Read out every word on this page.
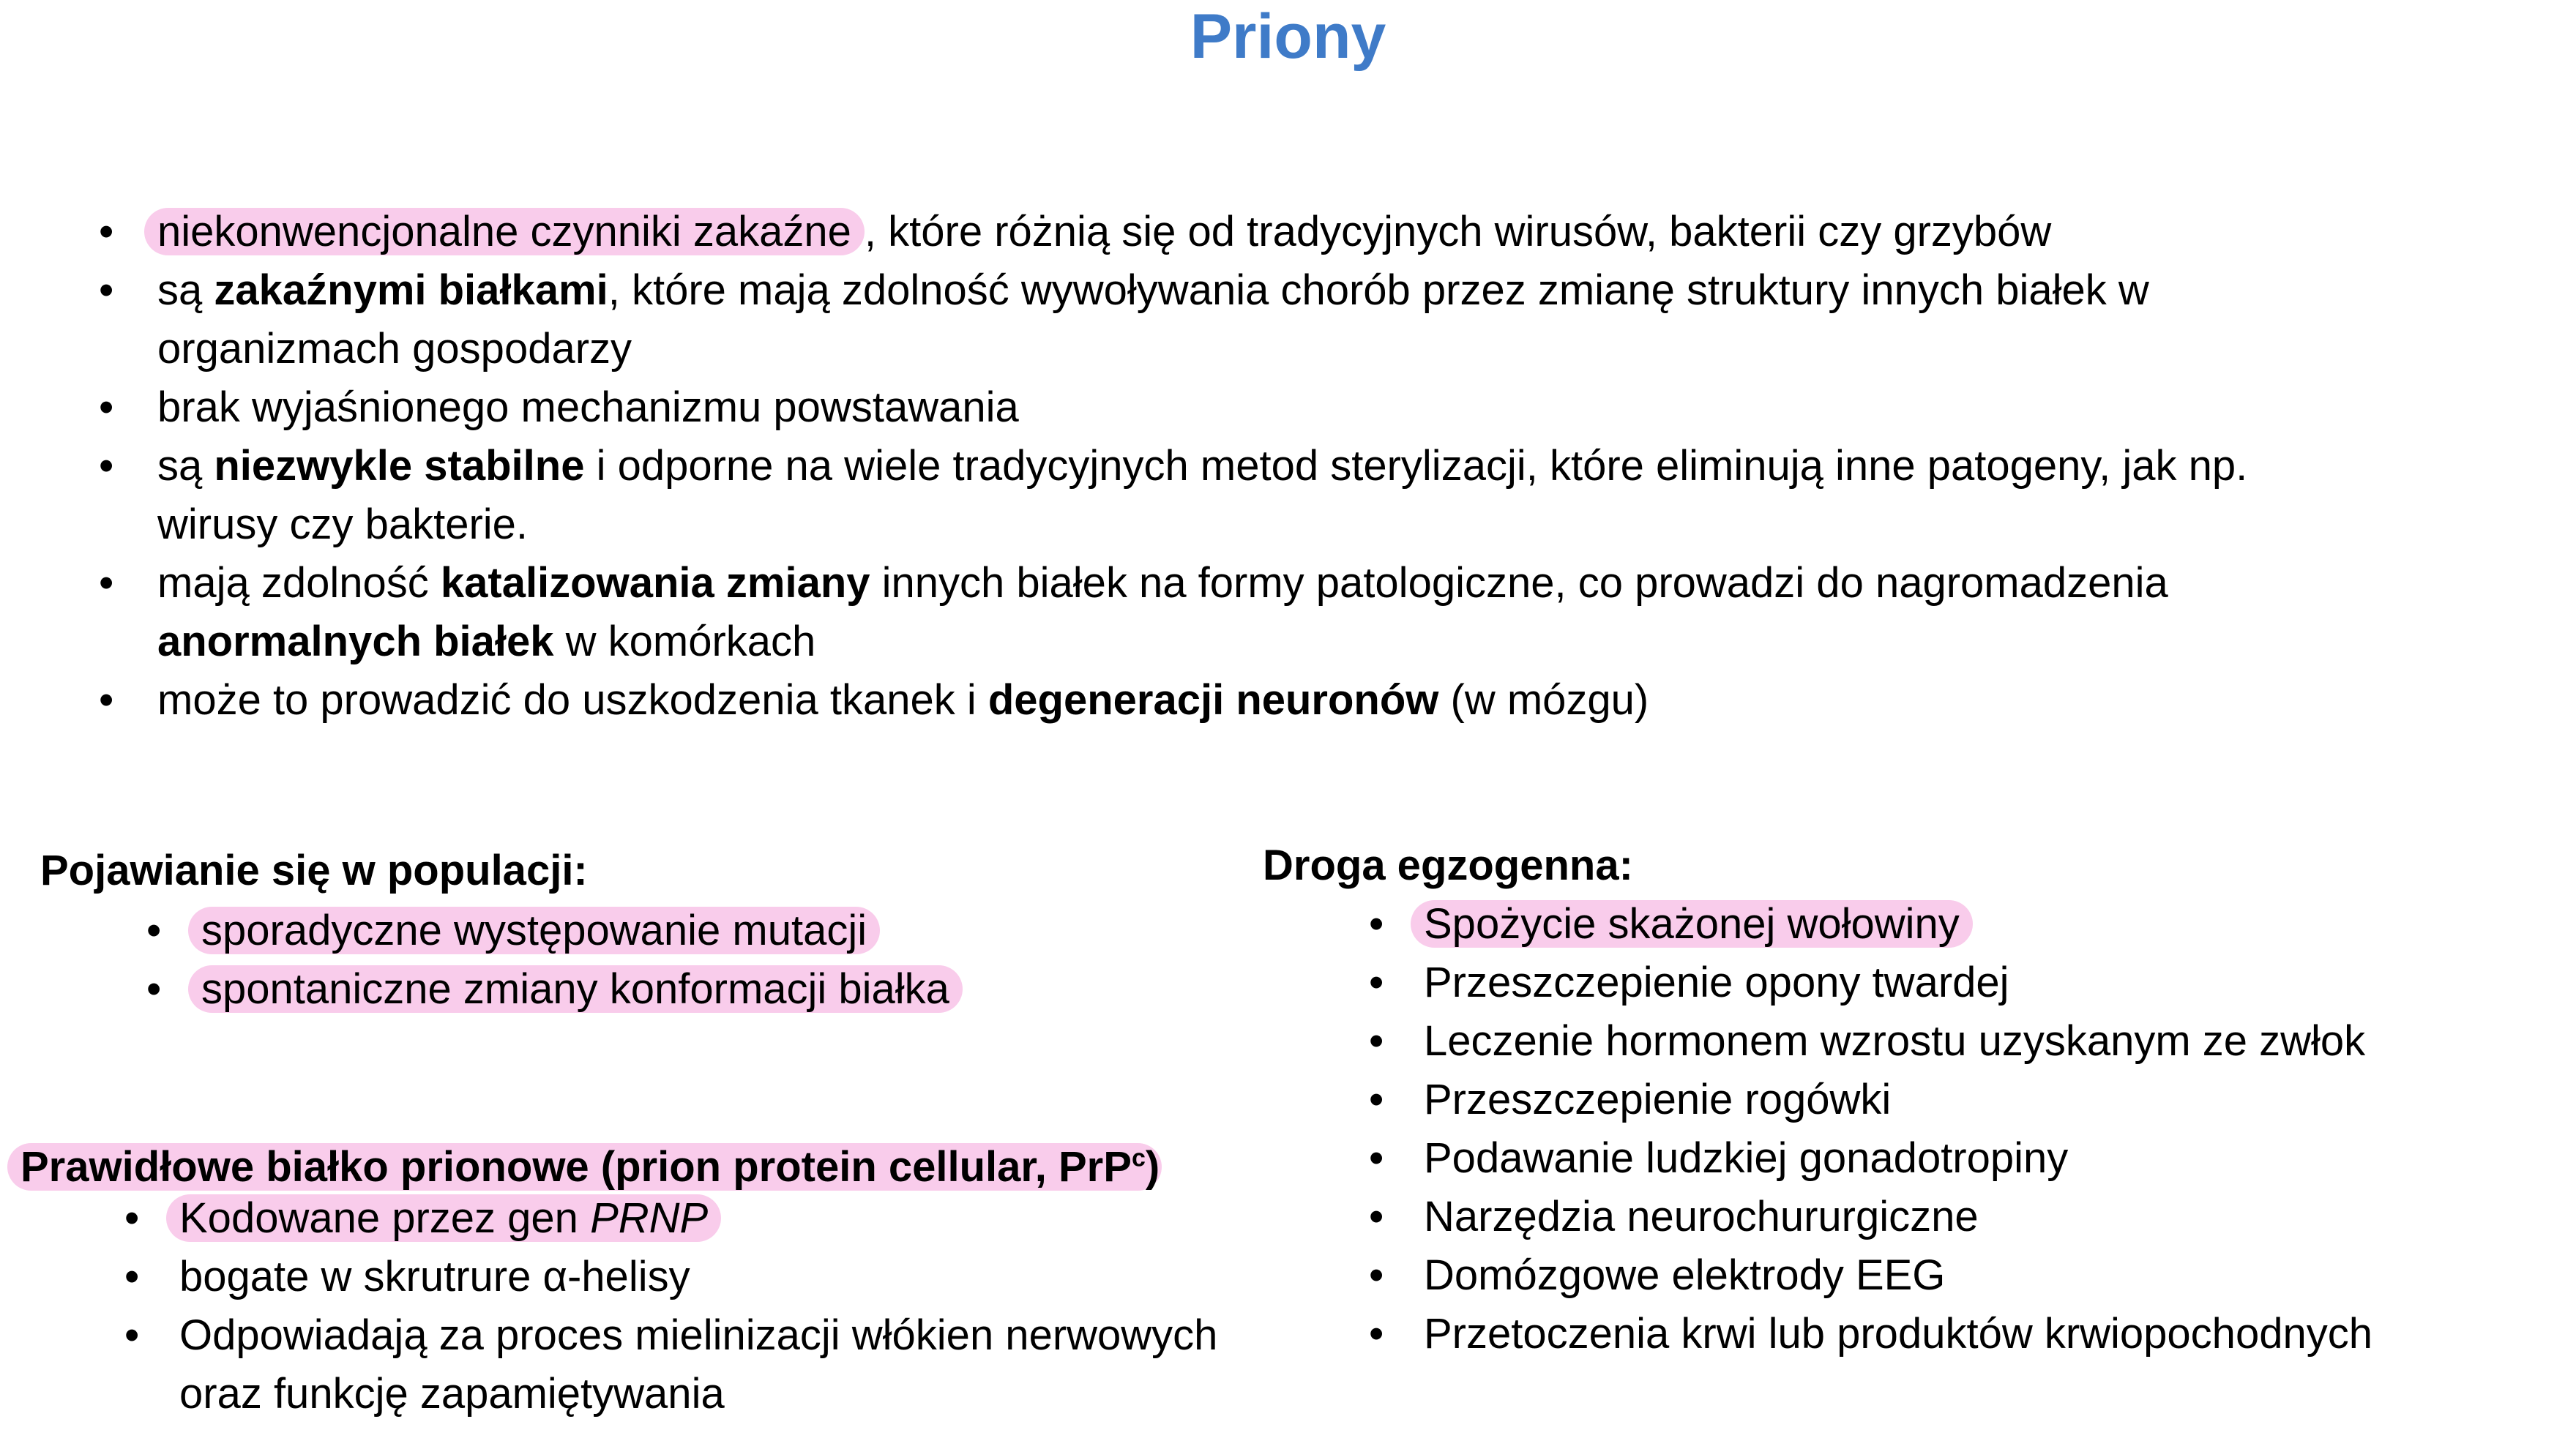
Priony
• niekonwencjonalne czynniki zakaźne , które różnią się od tradycyjnych wirusów, bakterii czy grzybów
• są zakaźnymi białkami, które mają zdolność wywoływania chorób przez zmianę struktury innych białek w
organizmach gospodarzy
• brak wyjaśnionego mechanizmu powstawania
• są niezwykle stabilne i odporne na wiele tradycyjnych metod sterylizacji, które eliminują inne patogeny, jak np.
wirusy czy bakterie.
• mają zdolność katalizowania zmiany innych białek na formy patologiczne, co prowadzi do nagromadzenia
anormalnych białek w komórkach
• może to prowadzić do uszkodzenia tkanek i degeneracji neuronów (w mózgu)
Pojawianie się w populacji:
• sporadyczne występowanie mutacji
• spontaniczne zmiany konformacji białka
Prawidłowe białko prionowe (prion protein cellular, PrP$^c$)
• Kodowane przez gen PRNP
• bogate w skrutrure α-helisy
• Odpowiadają za proces mielinizacji włókien nerwowych
oraz funkcję zapamiętywania
Droga egzogenna:
• Spożycie skażonej wołowiny
• Przeszczepienie opony twardej
• Leczenie hormonem wzrostu uzyskanym ze zwłok
• Przeszczepienie rogówki
• Podawanie ludzkiej gonadotropiny
• Narzędzia neurochururgiczne
• Domózgowe elektrody EEG
• Przetoczenia krwi lub produktów krwiopochodnych
